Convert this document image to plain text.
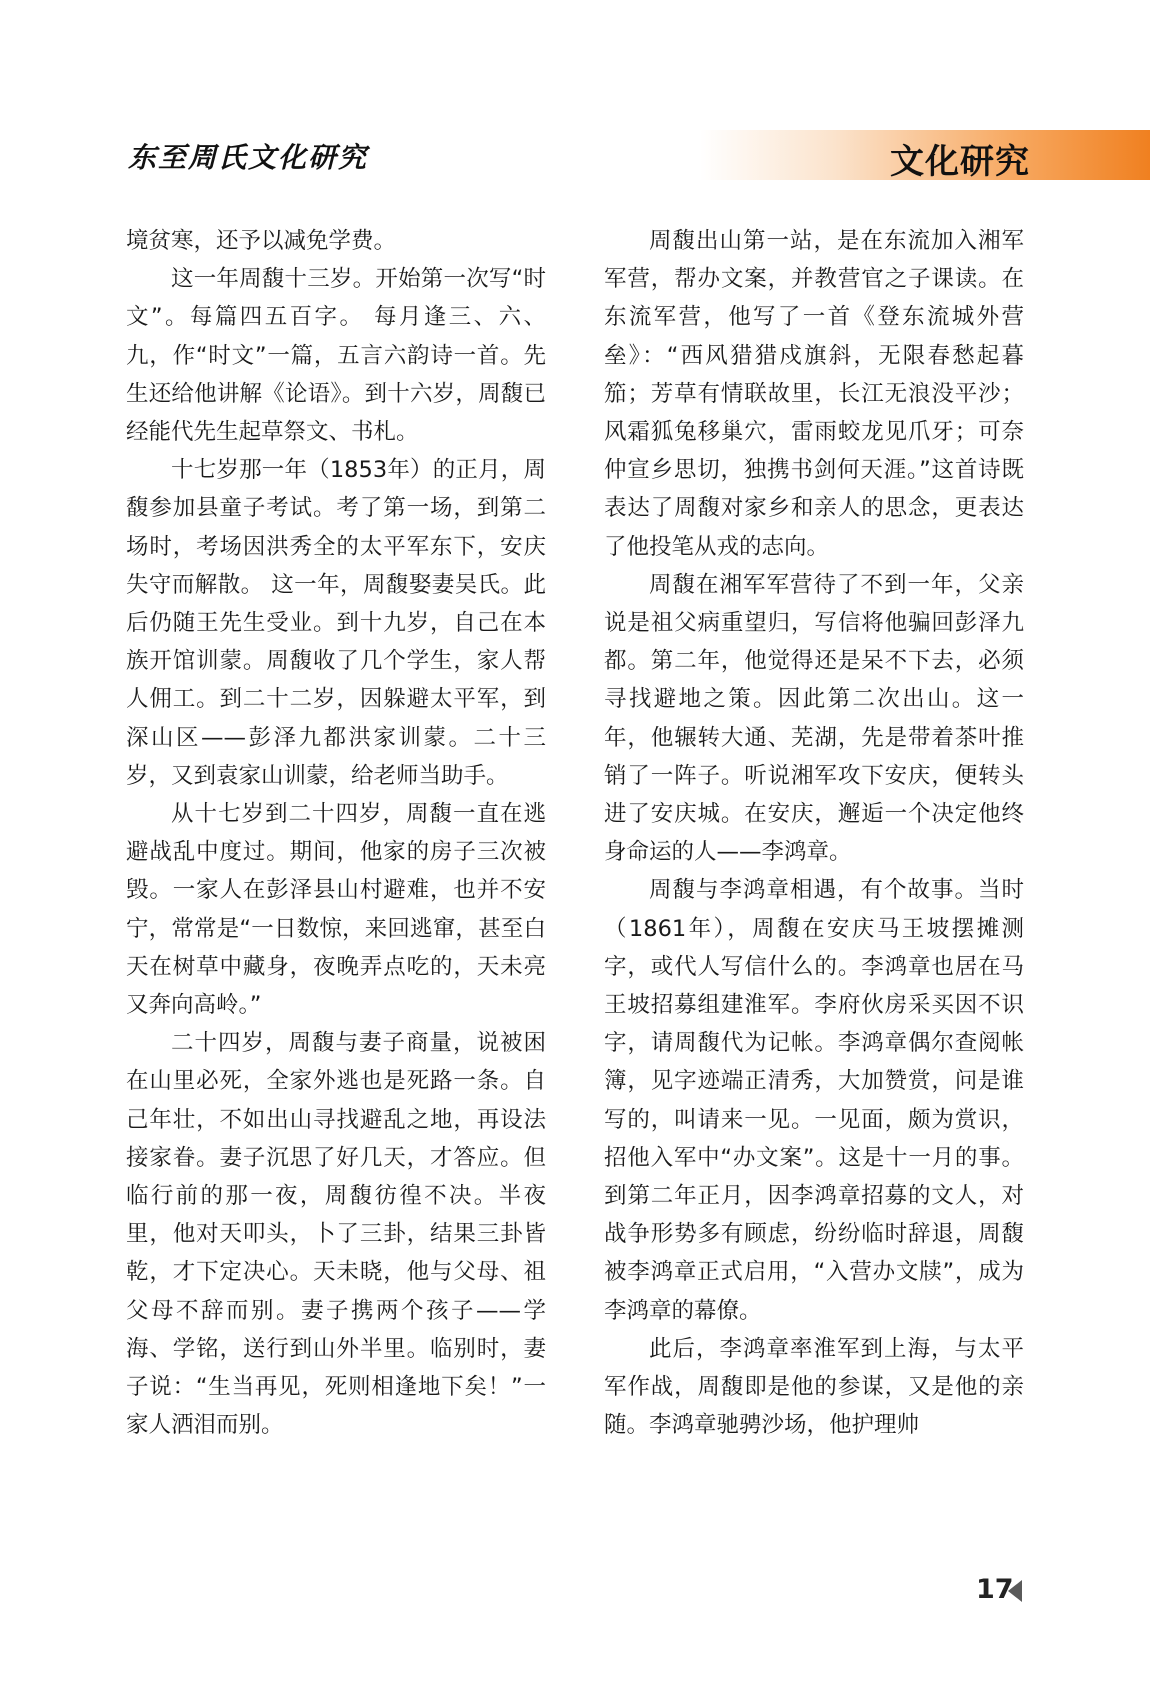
东至周氏文化研究	文化研究

境贫寒，还予以减免学费。

这一年周馥十三岁。开始第一次写“时文”。每篇四五百字。 每月逢三、六、九，作“时文”一篇，五言六韵诗一首。先生还给他讲解《论语》。到十六岁，周馥已经能代先生起草祭文、书札。

十七岁那一年（1853年）的正月，周馥参加县童子考试。考了第一场，到第二场时，考场因洪秀全的太平军东下，安庆失守而解散。 这一年，周馥娶妻吴氏。此后仍随王先生受业。到十九岁，自己在本族开馆训蒙。周馥收了几个学生，家人帮人佣工。到二十二岁，因躲避太平军，到深山区——彭泽九都洪家训蒙。二十三岁，又到袁家山训蒙，给老师当助手。

从十七岁到二十四岁，周馥一直在逃避战乱中度过。期间，他家的房子三次被毁。一家人在彭泽县山村避难，也并不安宁，常常是“一日数惊，来回逃窜，甚至白天在树草中藏身，夜晚弄点吃的，天未亮又奔向高岭。”

二十四岁，周馥与妻子商量，说被困在山里必死，全家外逃也是死路一条。自己年壮，不如出山寻找避乱之地，再设法接家眷。妻子沉思了好几天，才答应。但临行前的那一夜，周馥彷徨不决。半夜里，他对天叩头，卜了三卦，结果三卦皆乾，才下定决心。天未晓，他与父母、祖父母不辞而别。妻子携两个孩子——学海、学铭，送行到山外半里。临别时，妻子说：“生当再见，死则相逢地下矣！”一家人洒泪而别。

周馥出山第一站，是在东流加入湘军军营，帮办文案，并教营官之子课读。在东流军营，他写了一首《登东流城外营垒》：“西风猎猎戍旗斜，无限春愁起暮笳；芳草有情联故里，长江无浪没平沙；风霜狐兔移巢穴，雷雨蛟龙见爪牙；可奈仲宣乡思切，独携书剑何天涯。”这首诗既表达了周馥对家乡和亲人的思念，更表达了他投笔从戎的志向。

周馥在湘军军营待了不到一年，父亲说是祖父病重望归，写信将他骗回彭泽九都。第二年，他觉得还是呆不下去，必须寻找避地之策。因此第二次出山。这一年，他辗转大通、芜湖，先是带着茶叶推销了一阵子。听说湘军攻下安庆，便转头进了安庆城。在安庆，邂逅一个决定他终身命运的人——李鸿章。

周馥与李鸿章相遇，有个故事。当时（1861年），周馥在安庆马王坡摆摊测字，或代人写信什么的。李鸿章也居在马王坡招募组建淮军。李府伙房采买因不识字，请周馥代为记帐。李鸿章偶尔查阅帐簿，见字迹端正清秀，大加赞赏，问是谁写的，叫请来一见。一见面，颇为赏识，招他入军中“办文案”。这是十一月的事。到第二年正月，因李鸿章招募的文人，对战争形势多有顾虑，纷纷临时辞退，周馥被李鸿章正式启用，“入营办文牍”，成为李鸿章的幕僚。

此后，李鸿章率淮军到上海，与太平军作战，周馥即是他的参谋，又是他的亲随。李鸿章驰骋沙场，他护理帅

17
